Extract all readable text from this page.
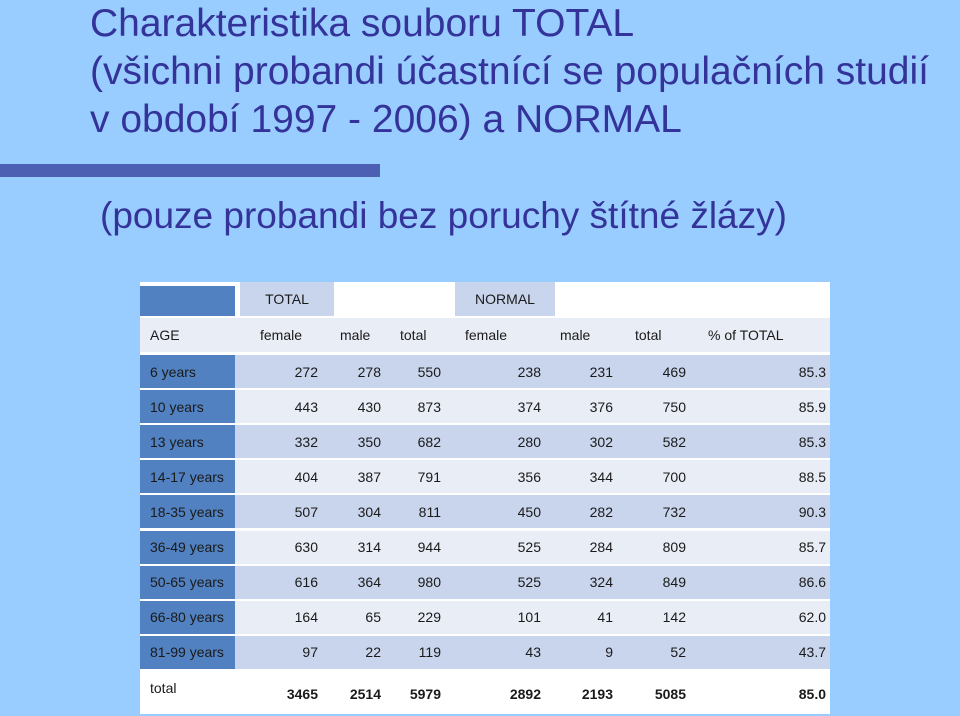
Charakteristika souboru TOTAL
(všichni probandi účastnící se populačních studií
v období 1997 - 2006) a NORMAL
(pouze probandi bez poruchy štítné žlázy)
TOTAL	NORMAL
AGE	female	male	total	female	male	total	% of TOTAL
6 years	272	278	550	238	231	469	85.3
10 years	443	430	873	374	376	750	85.9
13 years	332	350	682	280	302	582	85.3
14-17 years	404	387	791	356	344	700	88.5
18-35 years	507	304	811	450	282	732	90.3
36-49 years	630	314	944	525	284	809	85.7
50-65 years	616	364	980	525	324	849	86.6
66-80 years	164	65	229	101	41	142	62.0
81-99 years	97	22	119	43	9	52	43.7
total	3465	2514	5979	2892	2193	5085	85.0
